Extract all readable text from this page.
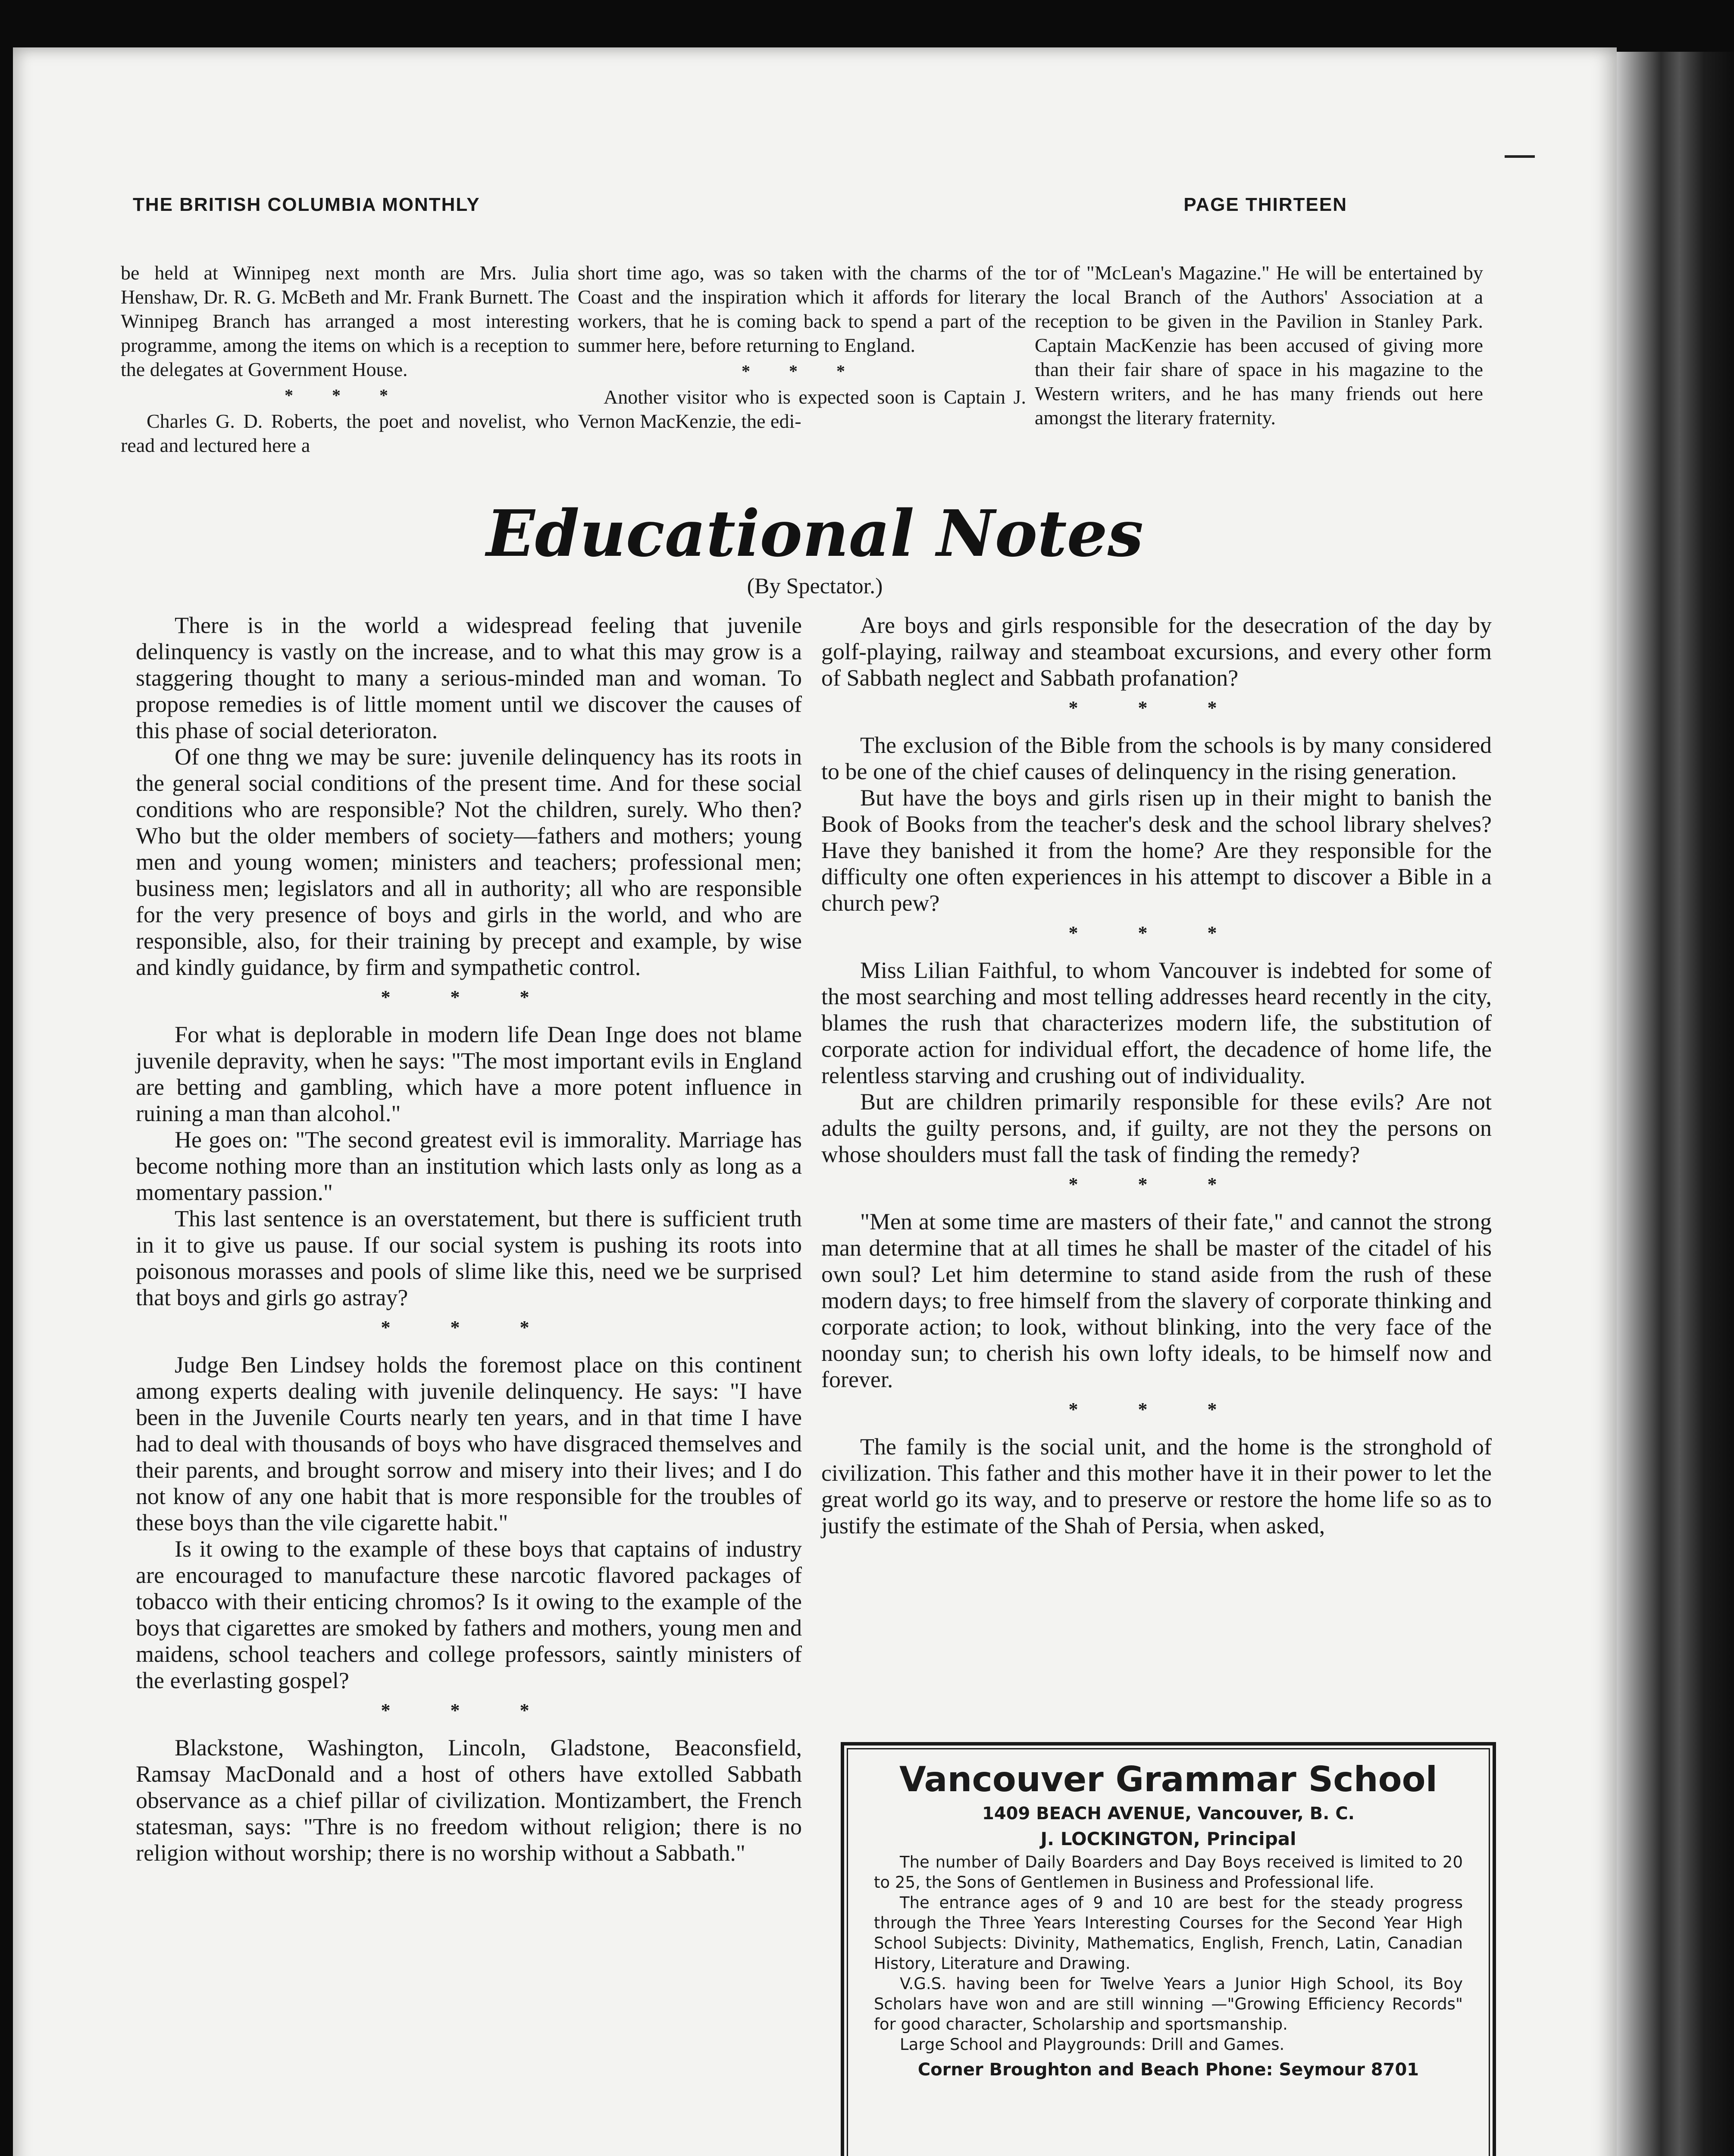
THE BRITISH COLUMBIA MONTHLY	PAGE THIRTEEN

be held at Winnipeg next month are Mrs. Julia Henshaw, Dr. R. G. McBeth and Mr. Frank Burnett. The Winnipeg Branch has arranged a most interesting programme, among the items on which is a reception to the delegates at Government House.

* * *

Charles G. D. Roberts, the poet and novelist, who read and lectured here a

short time ago, was so taken with the charms of the Coast and the inspiration which it affords for literary workers, that he is coming back to spend a part of the summer here, before returning to England.

* * *

Another visitor who is expected soon is Captain J. Vernon MacKenzie, the edi-

tor of "McLean's Magazine." He will be entertained by the local Branch of the Authors' Association at a reception to be given in the Pavilion in Stanley Park. Captain MacKenzie has been accused of giving more than their fair share of space in his magazine to the Western writers, and he has many friends out here amongst the literary fraternity.

Educational Notes
(By Spectator.)

There is in the world a widespread feeling that juvenile delinquency is vastly on the increase, and to what this may grow is a staggering thought to many a serious-minded man and woman. To propose remedies is of little moment until we discover the causes of this phase of social deterioraton.

Of one thng we may be sure: juvenile delinquency has its roots in the general social conditions of the present time. And for these social conditions who are responsible? Not the children, surely. Who then? Who but the older members of society—fathers and mothers; young men and young women; ministers and teachers; professional men; business men; legislators and all in authority; all who are responsible for the very presence of boys and girls in the world, and who are responsible, also, for their training by precept and example, by wise and kindly guidance, by firm and sympathetic control.

* * *

For what is deplorable in modern life Dean Inge does not blame juvenile depravity, when he says: "The most important evils in England are betting and gambling, which have a more potent influence in ruining a man than alcohol."

He goes on: "The second greatest evil is immorality. Marriage has become nothing more than an institution which lasts only as long as a momentary passion."

This last sentence is an overstatement, but there is sufficient truth in it to give us pause. If our social system is pushing its roots into poisonous morasses and pools of slime like this, need we be surprised that boys and girls go astray?

* * *

Judge Ben Lindsey holds the foremost place on this continent among experts dealing with juvenile delinquency. He says: "I have been in the Juvenile Courts nearly ten years, and in that time I have had to deal with thousands of boys who have disgraced themselves and their parents, and brought sorrow and misery into their lives; and I do not know of any one habit that is more responsible for the troubles of these boys than the vile cigarette habit."

Is it owing to the example of these boys that captains of industry are encouraged to manufacture these narcotic flavored packages of tobacco with their enticing chromos? Is it owing to the example of the boys that cigarettes are smoked by fathers and mothers, young men and maidens, school teachers and college professors, saintly ministers of the everlasting gospel?

* * *

Blackstone, Washington, Lincoln, Gladstone, Beaconsfield, Ramsay MacDonald and a host of others have extolled Sabbath observance as a chief pillar of civilization. Montizambert, the French statesman, says: "Thre is no freedom without religion; there is no religion without worship; there is no worship without a Sabbath."

Are boys and girls responsible for the desecration of the day by golf-playing, railway and steamboat excursions, and every other form of Sabbath neglect and Sabbath profanation?

* * *

The exclusion of the Bible from the schools is by many considered to be one of the chief causes of delinquency in the rising generation.

But have the boys and girls risen up in their might to banish the Book of Books from the teacher's desk and the school library shelves? Have they banished it from the home? Are they responsible for the difficulty one often experiences in his attempt to discover a Bible in a church pew?

* * *

Miss Lilian Faithful, to whom Vancouver is indebted for some of the most searching and most telling addresses heard recently in the city, blames the rush that characterizes modern life, the substitution of corporate action for individual effort, the decadence of home life, the relentless starving and crushing out of individuality.

But are children primarily responsible for these evils? Are not adults the guilty persons, and, if guilty, are not they the persons on whose shoulders must fall the task of finding the remedy?

* * *

"Men at some time are masters of their fate," and cannot the strong man determine that at all times he shall be master of the citadel of his own soul? Let him determine to stand aside from the rush of these modern days; to free himself from the slavery of corporate thinking and corporate action; to look, without blinking, into the very face of the noonday sun; to cherish his own lofty ideals, to be himself now and forever.

* * *

The family is the social unit, and the home is the stronghold of civilization. This father and this mother have it in their power to let the great world go its way, and to preserve or restore the home life so as to justify the estimate of the Shah of Persia, when asked,

Vancouver Grammar School
1409 BEACH AVENUE, Vancouver, B. C.
J. LOCKINGTON, Principal

The number of Daily Boarders and Day Boys received is limited to 20 to 25, the Sons of Gentlemen in Business and Professional life.

The entrance ages of 9 and 10 are best for the steady progress through the Three Years Interesting Courses for the Second Year High School Subjects: Divinity, Mathematics, English, French, Latin, Canadian History, Literature and Drawing.

V.G.S. having been for Twelve Years a Junior High School, its Boy Scholars have won and are still winning —"Growing Efficiency Records" for good character, Scholarship and sportsmanship.

Large School and Playgrounds: Drill and Games.

Corner Broughton and Beach Phone: Seymour 8701
